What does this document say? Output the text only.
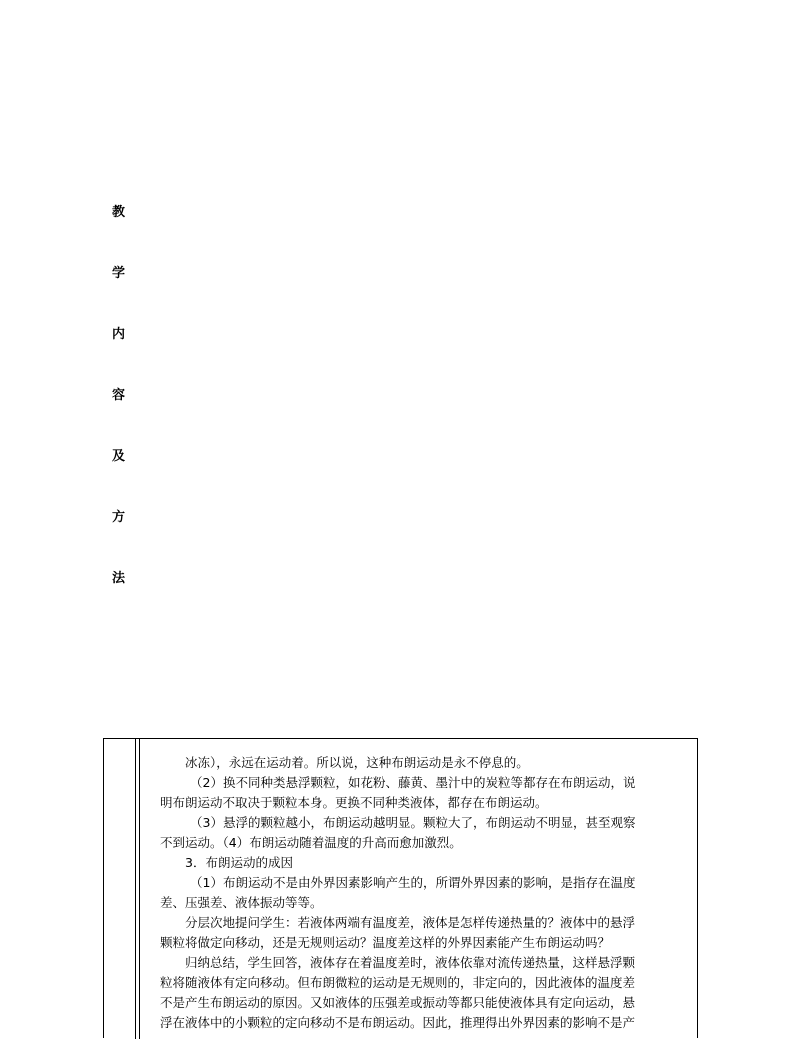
教
学
内
容
及
方
法
冰冻），永远在运动着。所以说，这种布朗运动是永不停息的。
（2）换不同种类悬浮颗粒，如花粉、藤黄、墨汁中的炭粒等都存在布朗运动，说
明布朗运动不取决于颗粒本身。更换不同种类液体，都存在布朗运动。
（3）悬浮的颗粒越小，布朗运动越明显。颗粒大了，布朗运动不明显，甚至观察
不到运动。（4）布朗运动随着温度的升高而愈加激烈。
3．布朗运动的成因
（1）布朗运动不是由外界因素影响产生的，所谓外界因素的影响，是指存在温度
差、压强差、液体振动等等。
分层次地提问学生：若液体两端有温度差，液体是怎样传递热量的？液体中的悬浮
颗粒将做定向移动，还是无规则运动？温度差这样的外界因素能产生布朗运动吗？
归纳总结，学生回答，液体存在着温度差时，液体依靠对流传递热量，这样悬浮颗
粒将随液体有定向移动。但布朗微粒的运动是无规则的，非定向的，因此液体的温度差
不是产生布朗运动的原因。又如液体的压强差或振动等都只能使液体具有定向运动，悬
浮在液体中的小颗粒的定向移动不是布朗运动。因此，推理得出外界因素的影响不是产
